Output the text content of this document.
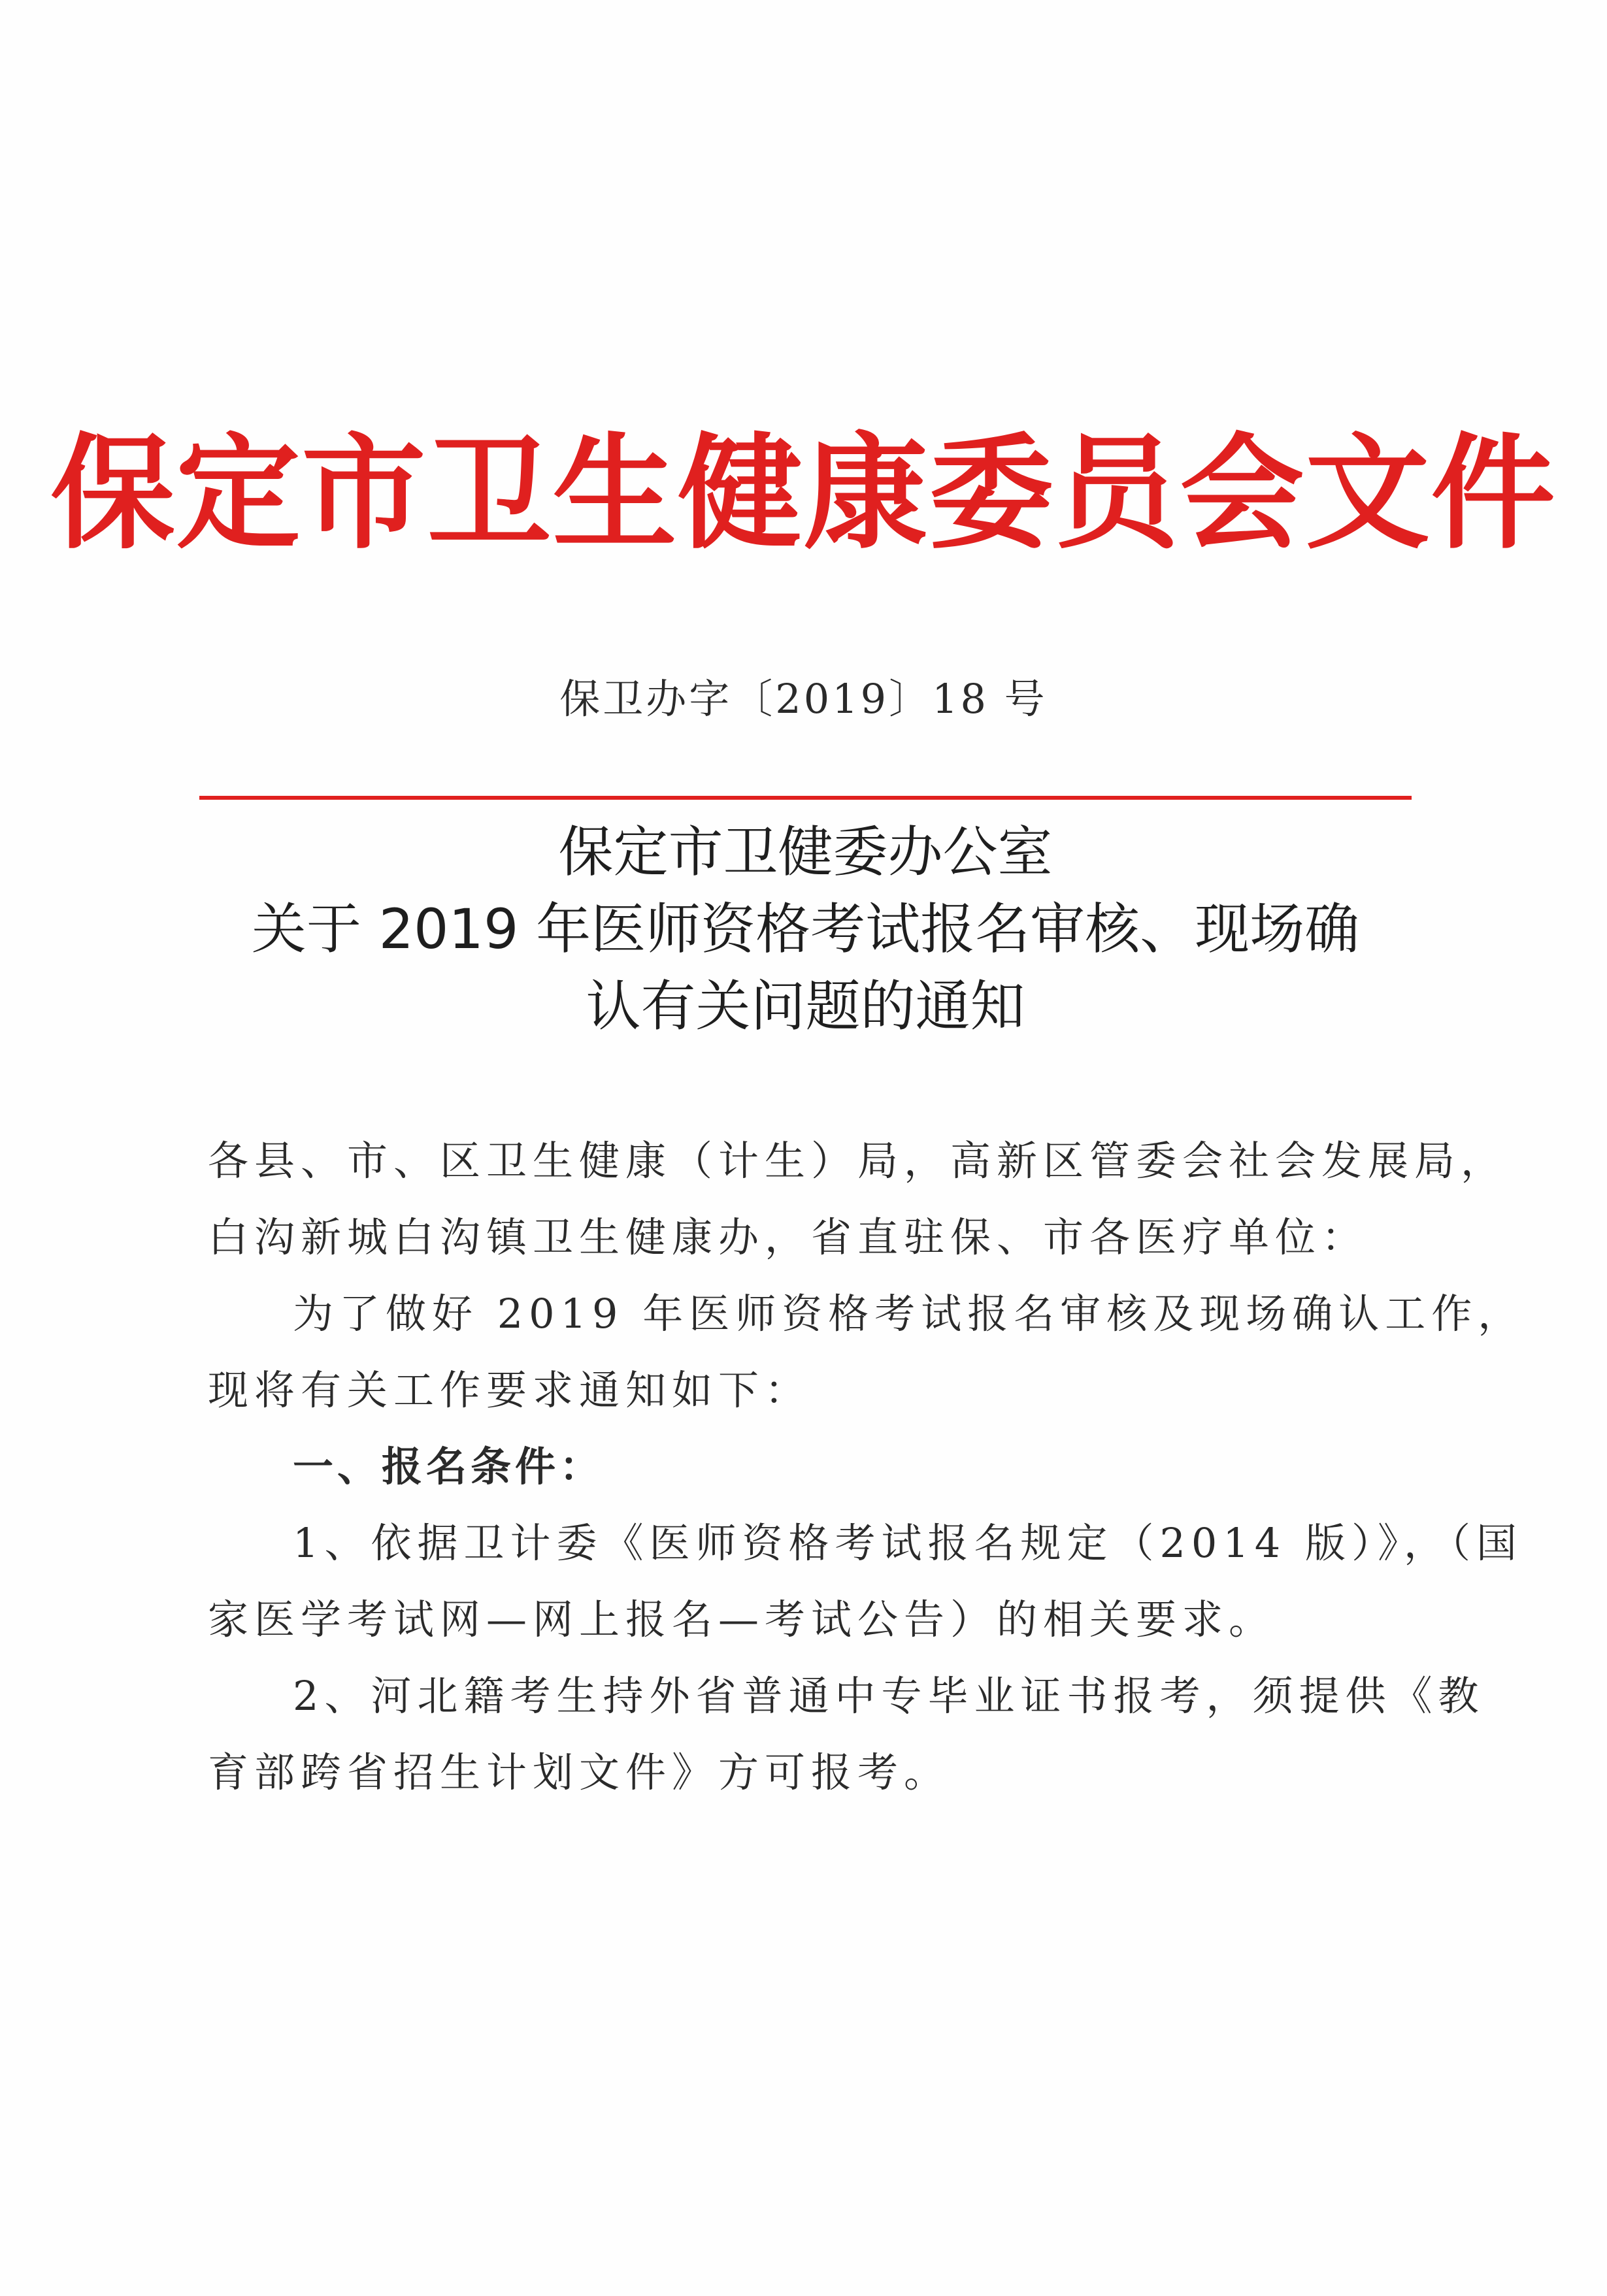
保定市卫生健康委员会文件
保卫办字〔2019〕18 号
保定市卫健委办公室
关于 2019 年医师资格考试报名审核、现场确
认有关问题的通知

各县、市、区卫生健康（计生）局，高新区管委会社会发展局，

白沟新城白沟镇卫生健康办，省直驻保、市各医疗单位：

为了做好 2019 年医师资格考试报名审核及现场确认工作，

现将有关工作要求通知如下：

一、报名条件：

1、依据卫计委《医师资格考试报名规定（2014 版）》，（国

家医学考试网—网上报名—考试公告）的相关要求。

2、河北籍考生持外省普通中专毕业证书报考，须提供《教

育部跨省招生计划文件》方可报考。
